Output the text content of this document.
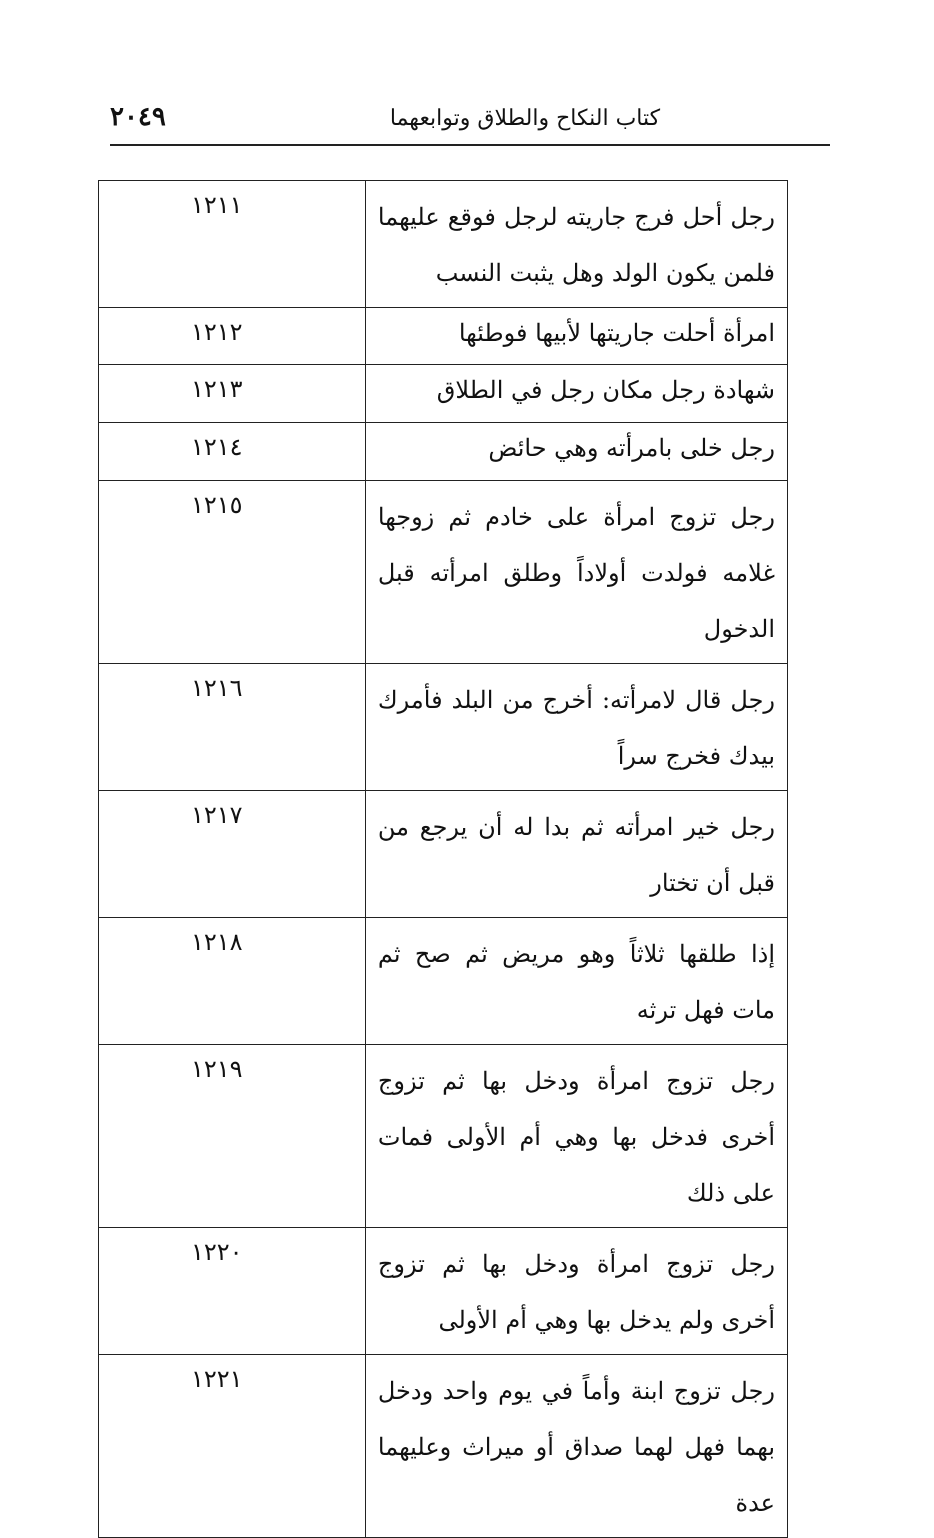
٢٠٤٩	كتاب النكاح والطلاق وتوابعهما
رجل أحل فرج جاريته لرجل فوقع عليهما فلمن يكون الولد وهل يثبت النسب	١٢١١
امرأة أحلت جاريتها لأبيها فوطئها	١٢١٢
شهادة رجل مكان رجل في الطلاق	١٢١٣
رجل خلى بامرأته وهي حائض	١٢١٤
رجل تزوج امرأة على خادم ثم زوجها غلامه فولدت أولاداً وطلق امرأته قبل الدخول	١٢١٥
رجل قال لامرأته: أخرج من البلد فأمرك بيدك فخرج سراً	١٢١٦
رجل خير امرأته ثم بدا له أن يرجع من قبل أن تختار	١٢١٧
إذا طلقها ثلاثاً وهو مريض ثم صح ثم مات فهل ترثه	١٢١٨
رجل تزوج امرأة ودخل بها ثم تزوج أخرى فدخل بها وهي أم الأولى فمات على ذلك	١٢١٩
رجل تزوج امرأة ودخل بها ثم تزوج أخرى ولم يدخل بها وهي أم الأولى	١٢٢٠
رجل تزوج ابنة وأماً في يوم واحد ودخل بهما فهل لهما صداق أو ميراث وعليهما عدة	١٢٢١
